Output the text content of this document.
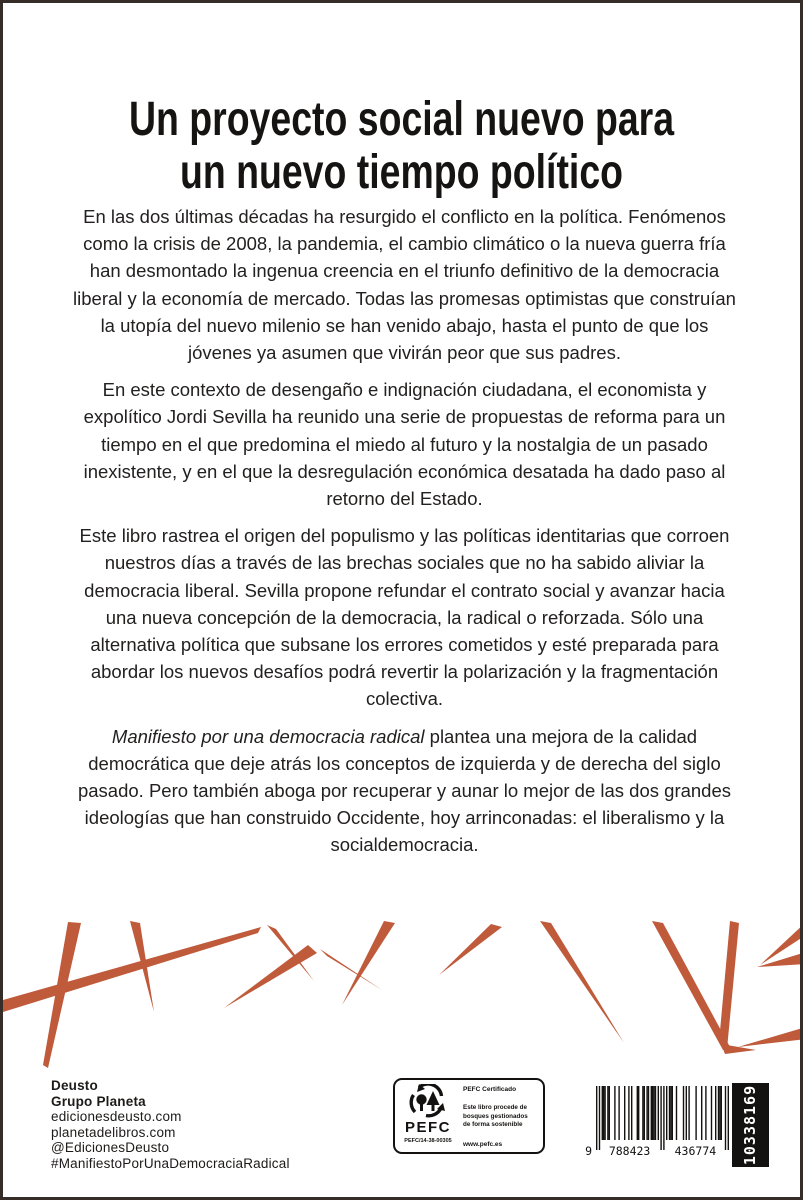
Un proyecto social nuevo para
un nuevo tiempo político

En las dos últimas décadas ha resurgido el conflicto en la política. Fenómenos como la crisis de 2008, la pandemia, el cambio climático o la nueva guerra fría han desmontado la ingenua creencia en el triunfo definitivo de la democracia liberal y la economía de mercado. Todas las promesas optimistas que construían la utopía del nuevo milenio se han venido abajo, hasta el punto de que los jóvenes ya asumen que vivirán peor que sus padres.

En este contexto de desengaño e indignación ciudadana, el economista y expolítico Jordi Sevilla ha reunido una serie de propuestas de reforma para un tiempo en el que predomina el miedo al futuro y la nostalgia de un pasado inexistente, y en el que la desregulación económica desatada ha dado paso al retorno del Estado.

Este libro rastrea el origen del populismo y las políticas identitarias que corroen nuestros días a través de las brechas sociales que no ha sabido aliviar la democracia liberal. Sevilla propone refundar el contrato social y avanzar hacia una nueva concepción de la democracia, la radical o reforzada. Sólo una alternativa política que subsane los errores cometidos y esté preparada para abordar los nuevos desafíos podrá revertir la polarización y la fragmentación colectiva.

Manifiesto por una democracia radical plantea una mejora de la calidad democrática que deje atrás los conceptos de izquierda y de derecha del siglo pasado. Pero también aboga por recuperar y aunar lo mejor de las dos grandes ideologías que han construido Occidente, hoy arrinconadas: el liberalismo y la socialdemocracia.

Deusto
Grupo Planeta
edicionesdeusto.com
planetadelibros.com
@EdicionesDeusto
#ManifiestoPorUnaDemocraciaRadical
PEFC
PEFC/14-38-00305
PEFC Certificado
Este libro procede de bosques gestionados de forma sostenible
www.pefc.es	9 788423 436774 10338169
